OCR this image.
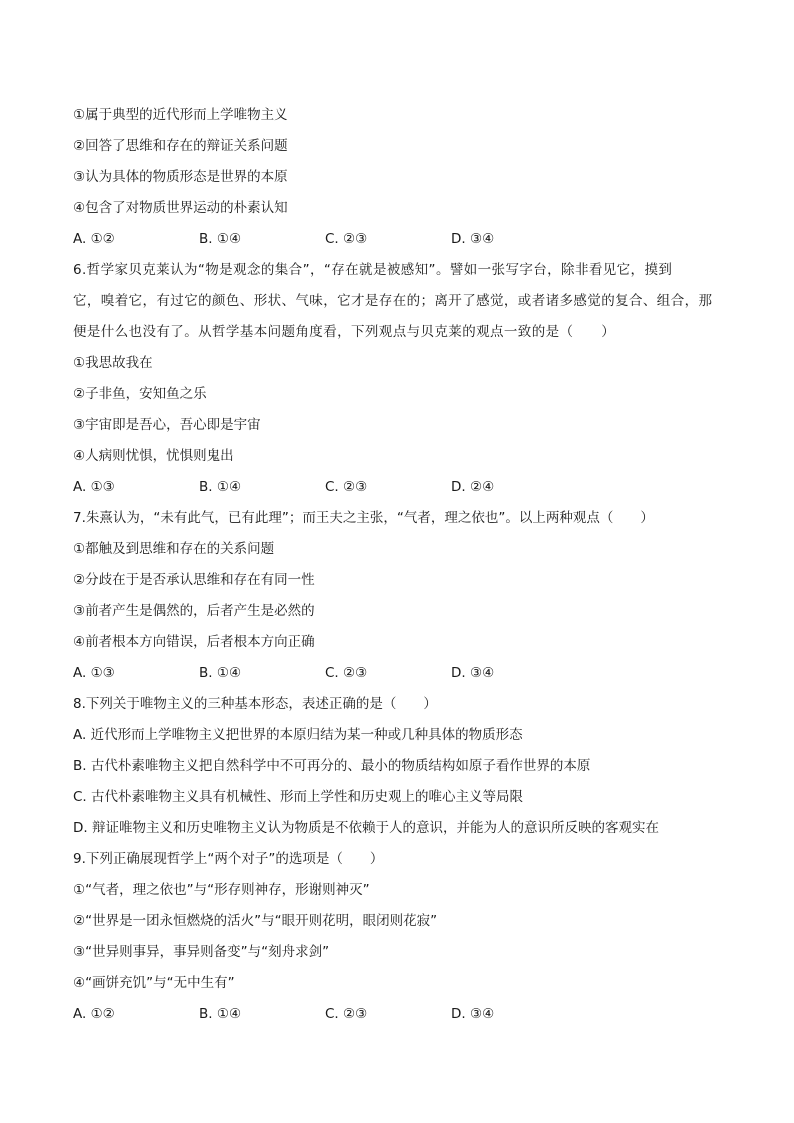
①属于典型的近代形而上学唯物主义
②回答了思维和存在的辩证关系问题
③认为具体的物质形态是世界的本原
④包含了对物质世界运动的朴素认知
A. ①②	B. ①④	C. ②③	D. ③④
6.哲学家贝克莱认为“物是观念的集合”，“存在就是被感知”。譬如一张写字台，除非看见它，摸到
它，嗅着它，有过它的颜色、形状、气味，它才是存在的；离开了感觉，或者诸多感觉的复合、组合，那
便是什么也没有了。从哲学基本问题角度看，下列观点与贝克莱的观点一致的是（　　）
①我思故我在
②子非鱼，安知鱼之乐
③宇宙即是吾心，吾心即是宇宙
④人病则忧惧，忧惧则鬼出
A. ①③	B. ①④	C. ②③	D. ②④
7.朱熹认为，“未有此气，已有此理”；而王夫之主张，“气者，理之依也”。以上两种观点（　　）
①都触及到思维和存在的关系问题
②分歧在于是否承认思维和存在有同一性
③前者产生是偶然的，后者产生是必然的
④前者根本方向错误，后者根本方向正确
A. ①③	B. ①④	C. ②③	D. ③④
8.下列关于唯物主义的三种基本形态，表述正确的是（　　）
A. 近代形而上学唯物主义把世界的本原归结为某一种或几种具体的物质形态
B. 古代朴素唯物主义把自然科学中不可再分的、最小的物质结构如原子看作世界的本原
C. 古代朴素唯物主义具有机械性、形而上学性和历史观上的唯心主义等局限
D. 辩证唯物主义和历史唯物主义认为物质是不依赖于人的意识，并能为人的意识所反映的客观实在
9.下列正确展现哲学上“两个对子”的选项是（　　）
①“气者，理之依也”与“形存则神存，形谢则神灭”
②“世界是一团永恒燃烧的活火”与“眼开则花明，眼闭则花寂”
③“世异则事异，事异则备变”与“刻舟求剑”
④“画饼充饥”与“无中生有”
A. ①②	B. ①④	C. ②③	D. ③④
